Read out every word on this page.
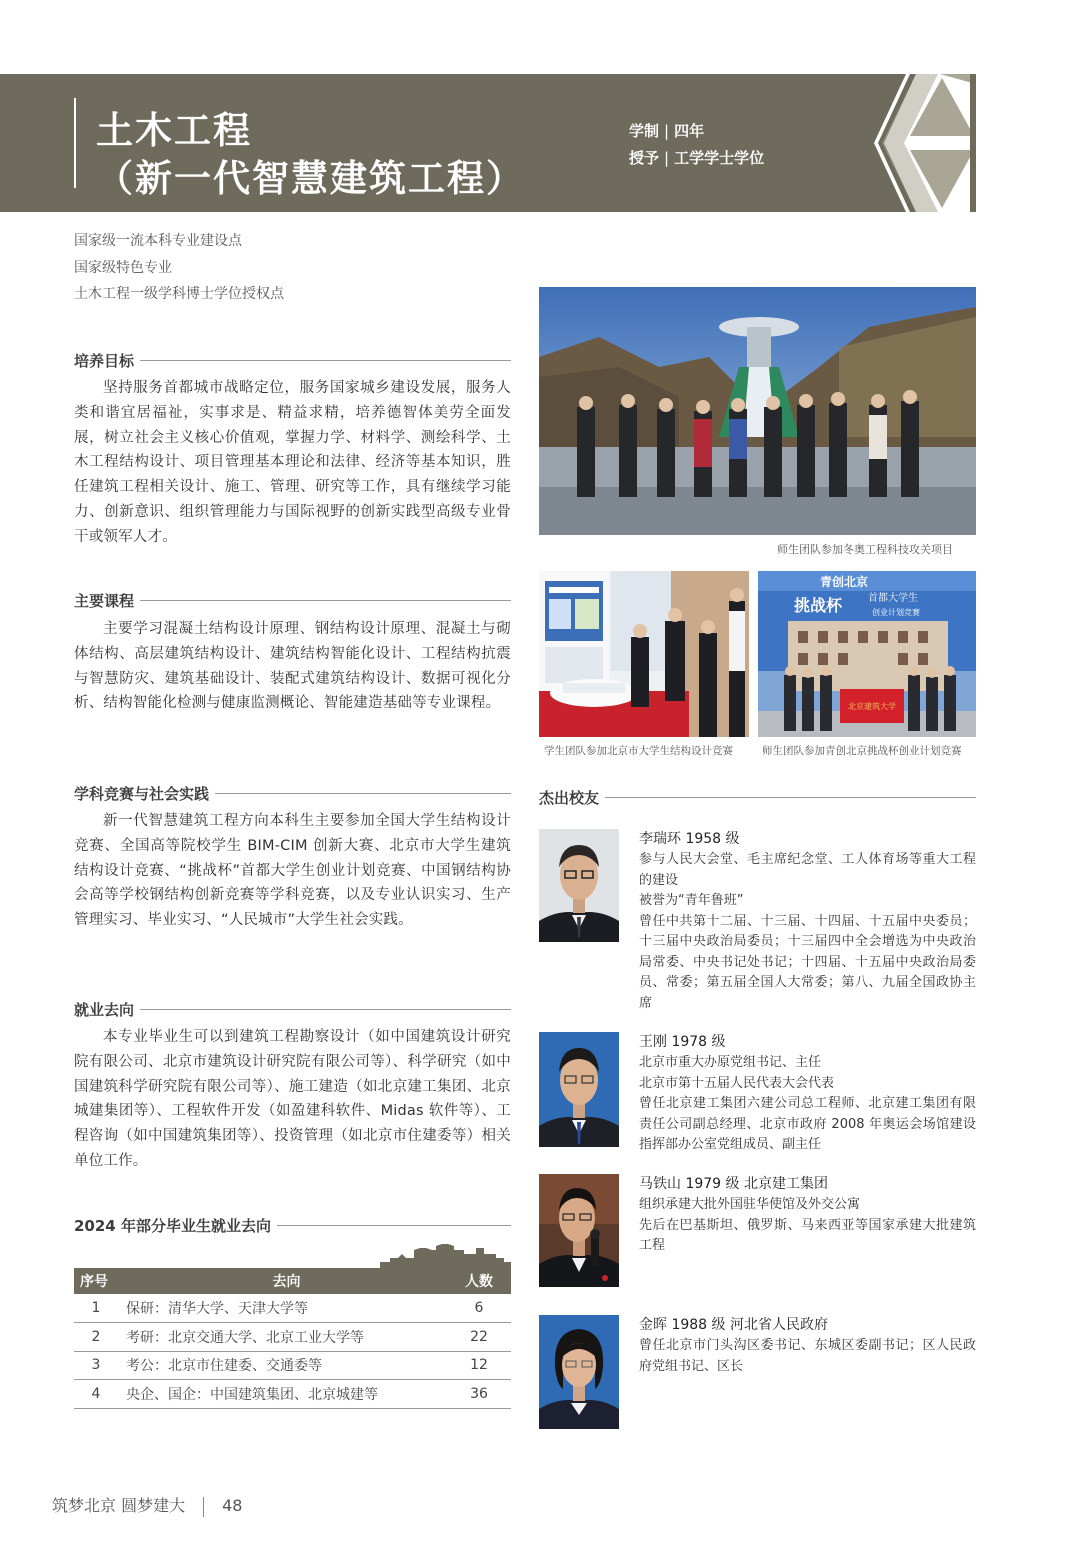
土木工程
（新一代智慧建筑工程）
学制 | 四年
授予 | 工学学士学位
国家级一流本科专业建设点
国家级特色专业
土木工程一级学科博士学位授权点
培养目标
坚持服务首都城市战略定位，服务国家城乡建设发展，服务人类和谐宜居福祉，实事求是、精益求精，培养德智体美劳全面发展，树立社会主义核心价值观，掌握力学、材料学、测绘科学、土木工程结构设计、项目管理基本理论和法律、经济等基本知识，胜任建筑工程相关设计、施工、管理、研究等工作，具有继续学习能力、创新意识、组织管理能力与国际视野的创新实践型高级专业骨干或领军人才。
主要课程
主要学习混凝土结构设计原理、钢结构设计原理、混凝土与砌体结构、高层建筑结构设计、建筑结构智能化设计、工程结构抗震与智慧防灾、建筑基础设计、装配式建筑结构设计、数据可视化分析、结构智能化检测与健康监测概论、智能建造基础等专业课程。
学科竞赛与社会实践
新一代智慧建筑工程方向本科生主要参加全国大学生结构设计竞赛、全国高等院校学生 BIM-CIM 创新大赛、北京市大学生建筑结构设计竞赛、“挑战杯”首都大学生创业计划竞赛、中国钢结构协会高等学校钢结构创新竞赛等学科竞赛，以及专业认识实习、生产管理实习、毕业实习、“人民城市”大学生社会实践。
就业去向
本专业毕业生可以到建筑工程勘察设计（如中国建筑设计研究院有限公司、北京市建筑设计研究院有限公司等）、科学研究（如中国建筑科学研究院有限公司等）、施工建造（如北京建工集团、北京城建集团等）、工程软件开发（如盈建科软件、Midas 软件等）、工程咨询（如中国建筑集团等）、投资管理（如北京市住建委等）相关单位工作。
2024 年部分毕业生就业去向
序号	去向	人数
1	保研：清华大学、天津大学等	6
2	考研：北京交通大学、北京工业大学等	22
3	考公：北京市住建委、交通委等	12
4	央企、国企：中国建筑集团、北京城建等	36
师生团队参加冬奥工程科技攻关项目
学生团队参加北京市大学生结构设计竞赛
青创北京
挑战杯	首都大学生
创业计划竞赛
北京建筑大学
师生团队参加青创北京挑战杯创业计划竞赛
杰出校友
李瑞环 1958 级
参与人民大会堂、毛主席纪念堂、工人体育场等重大工程的建设
被誉为“青年鲁班”
曾任中共第十二届、十三届、十四届、十五届中央委员；十三届中央政治局委员；十三届四中全会增选为中央政治局常委、中央书记处书记；十四届、十五届中央政治局委员、常委；第五届全国人大常委；第八、九届全国政协主席
王刚 1978 级
北京市重大办原党组书记、主任
北京市第十五届人民代表大会代表
曾任北京建工集团六建公司总工程师、北京建工集团有限责任公司副总经理、北京市政府 2008 年奥运会场馆建设指挥部办公室党组成员、副主任
马铁山 1979 级 北京建工集团
组织承建大批外国驻华使馆及外交公寓
先后在巴基斯坦、俄罗斯、马来西亚等国家承建大批建筑工程
金晖 1988 级 河北省人民政府
曾任北京市门头沟区委书记、东城区委副书记；区人民政府党组书记、区长
筑梦北京 圆梦建大 48
